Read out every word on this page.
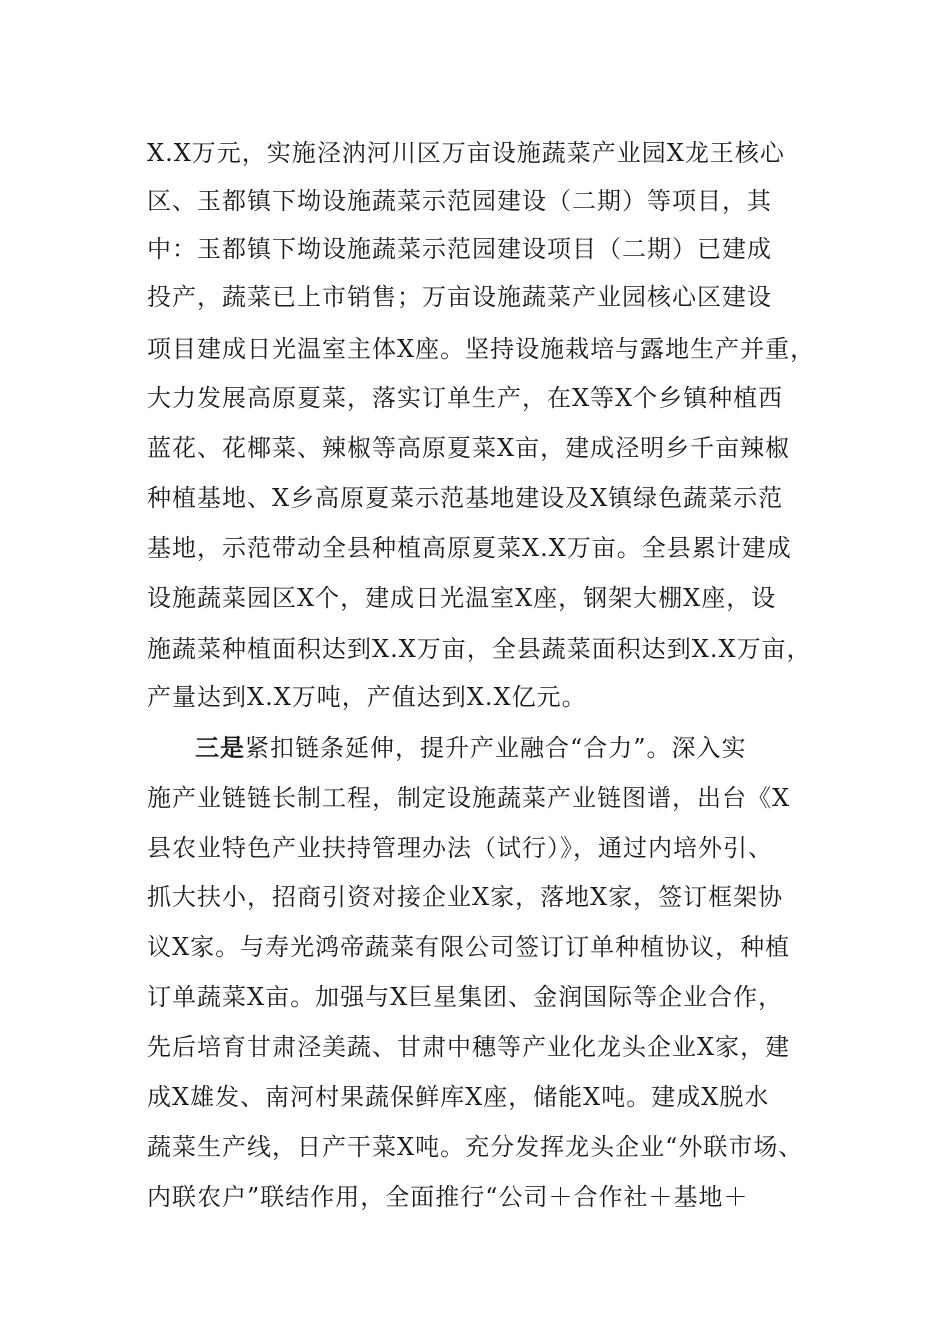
X.X万元，实施泾汭河川区万亩设施蔬菜产业园X龙王核心
区、玉都镇下坳设施蔬菜示范园建设（二期）等项目，其
中：玉都镇下坳设施蔬菜示范园建设项目（二期）已建成
投产，蔬菜已上市销售；万亩设施蔬菜产业园核心区建设
项目建成日光温室主体X座。坚持设施栽培与露地生产并重，
大力发展高原夏菜，落实订单生产，在X等X个乡镇种植西
蓝花、花椰菜、辣椒等高原夏菜X亩，建成泾明乡千亩辣椒
种植基地、X乡高原夏菜示范基地建设及X镇绿色蔬菜示范
基地，示范带动全县种植高原夏菜X.X万亩。全县累计建成
设施蔬菜园区X个，建成日光温室X座，钢架大棚X座，设
施蔬菜种植面积达到X.X万亩，全县蔬菜面积达到X.X万亩，
产量达到X.X万吨，产值达到X.X亿元。
三是紧扣链条延伸，提升产业融合“合力”。深入实
施产业链链长制工程，制定设施蔬菜产业链图谱，出台《X
县农业特色产业扶持管理办法（试行）》，通过内培外引、
抓大扶小，招商引资对接企业X家，落地X家，签订框架协
议X家。与寿光鸿帝蔬菜有限公司签订订单种植协议，种植
订单蔬菜X亩。加强与X巨星集团、金润国际等企业合作，
先后培育甘肃泾美蔬、甘肃中穗等产业化龙头企业X家，建
成X雄发、南河村果蔬保鲜库X座，储能X吨。建成X脱水
蔬菜生产线，日产干菜X吨。充分发挥龙头企业“外联市场、
内联农户”联结作用，全面推行“公司＋合作社＋基地＋
